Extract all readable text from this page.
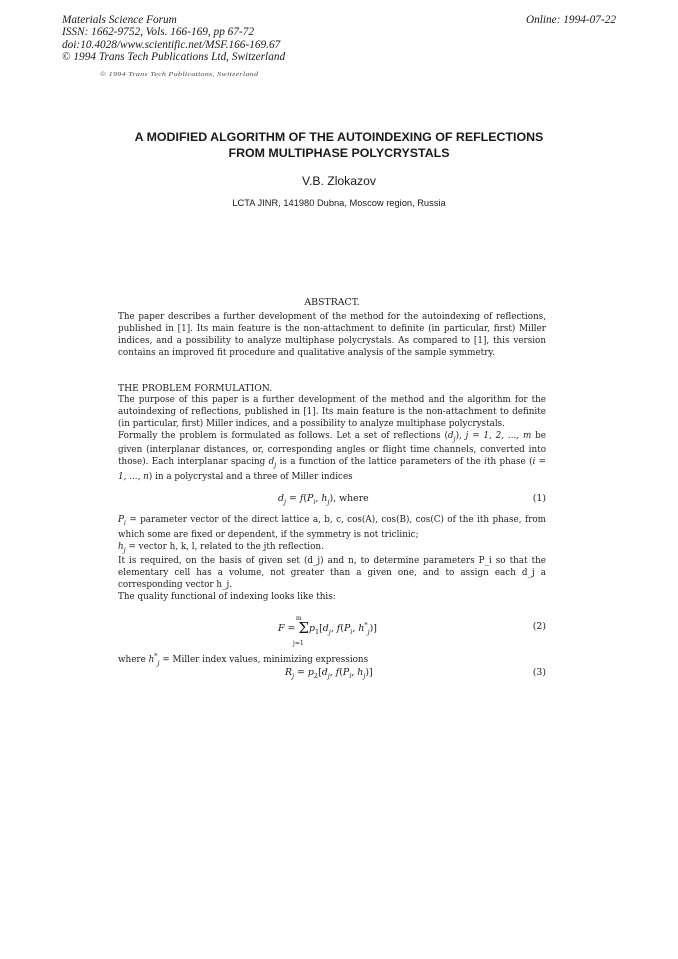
Materials Science Forum
ISSN: 1662-9752, Vols. 166-169, pp 67-72
doi:10.4028/www.scientific.net/MSF.166-169.67
© 1994 Trans Tech Publications Ltd, Switzerland
Online: 1994-07-22
© 1994 Trans Tech Publications, Switzerland
A MODIFIED ALGORITHM OF THE AUTOINDEXING OF REFLECTIONS
FROM MULTIPHASE POLYCRYSTALS
V.B. Zlokazov
LCTA JINR, 141980 Dubna, Moscow region, Russia
ABSTRACT.

The paper describes a further development of the method for the autoindexing of reflections, published in [1]. Its main feature is the non-attachment to definite (in particular, first) Miller indices, and a possibility to analyze multiphase polycrystals. As compared to [1], this version contains an improved fit procedure and qualitative analysis of the sample symmetry.

THE PROBLEM FORMULATION.

The purpose of this paper is a further development of the method and the algorithm for the autoindexing of reflections, published in [1]. Its main feature is the non-attachment to definite (in particular, first) Miller indices, and a possibility to analyze multiphase polycrystals.

Formally the problem is formulated as follows. Let a set of reflections $(d_j)$, j = 1, 2, ..., m be given (interplanar distances, or, corresponding angles or flight time channels, converted into those). Each interplanar spacing $d_j$ is a function of the lattice parameters of the ith phase (i = 1, ..., n) in a polycrystal and a three of Miller indices

$d_j = f(P_i$, $h_j$), where	(1)

$P_i$ = parameter vector of the direct lattice a, b, c, cos(A), cos(B), cos(C) of the ith phase, from which some are fixed or dependent, if the symmetry is not triclinic;

$h_j$ = vector h, k, l, related to the jth reflection.

It is required, on the basis of given set (d_j) and n, to determine parameters P_i so that the elementary cell has a volume, not greater than a given one, and to assign each d_j a corresponding vector h_j.

The quality functional of indexing looks like this:

$F = \Sigma p_1[d_j$, $f(P_i$, $h^*_j$)]
m
j=1
(2)

where $h^*_j$ = Miller index values, minimizing expressions

$R_j = p_2[d_j$, $f(P_i$, $h_j$)]	(3)
